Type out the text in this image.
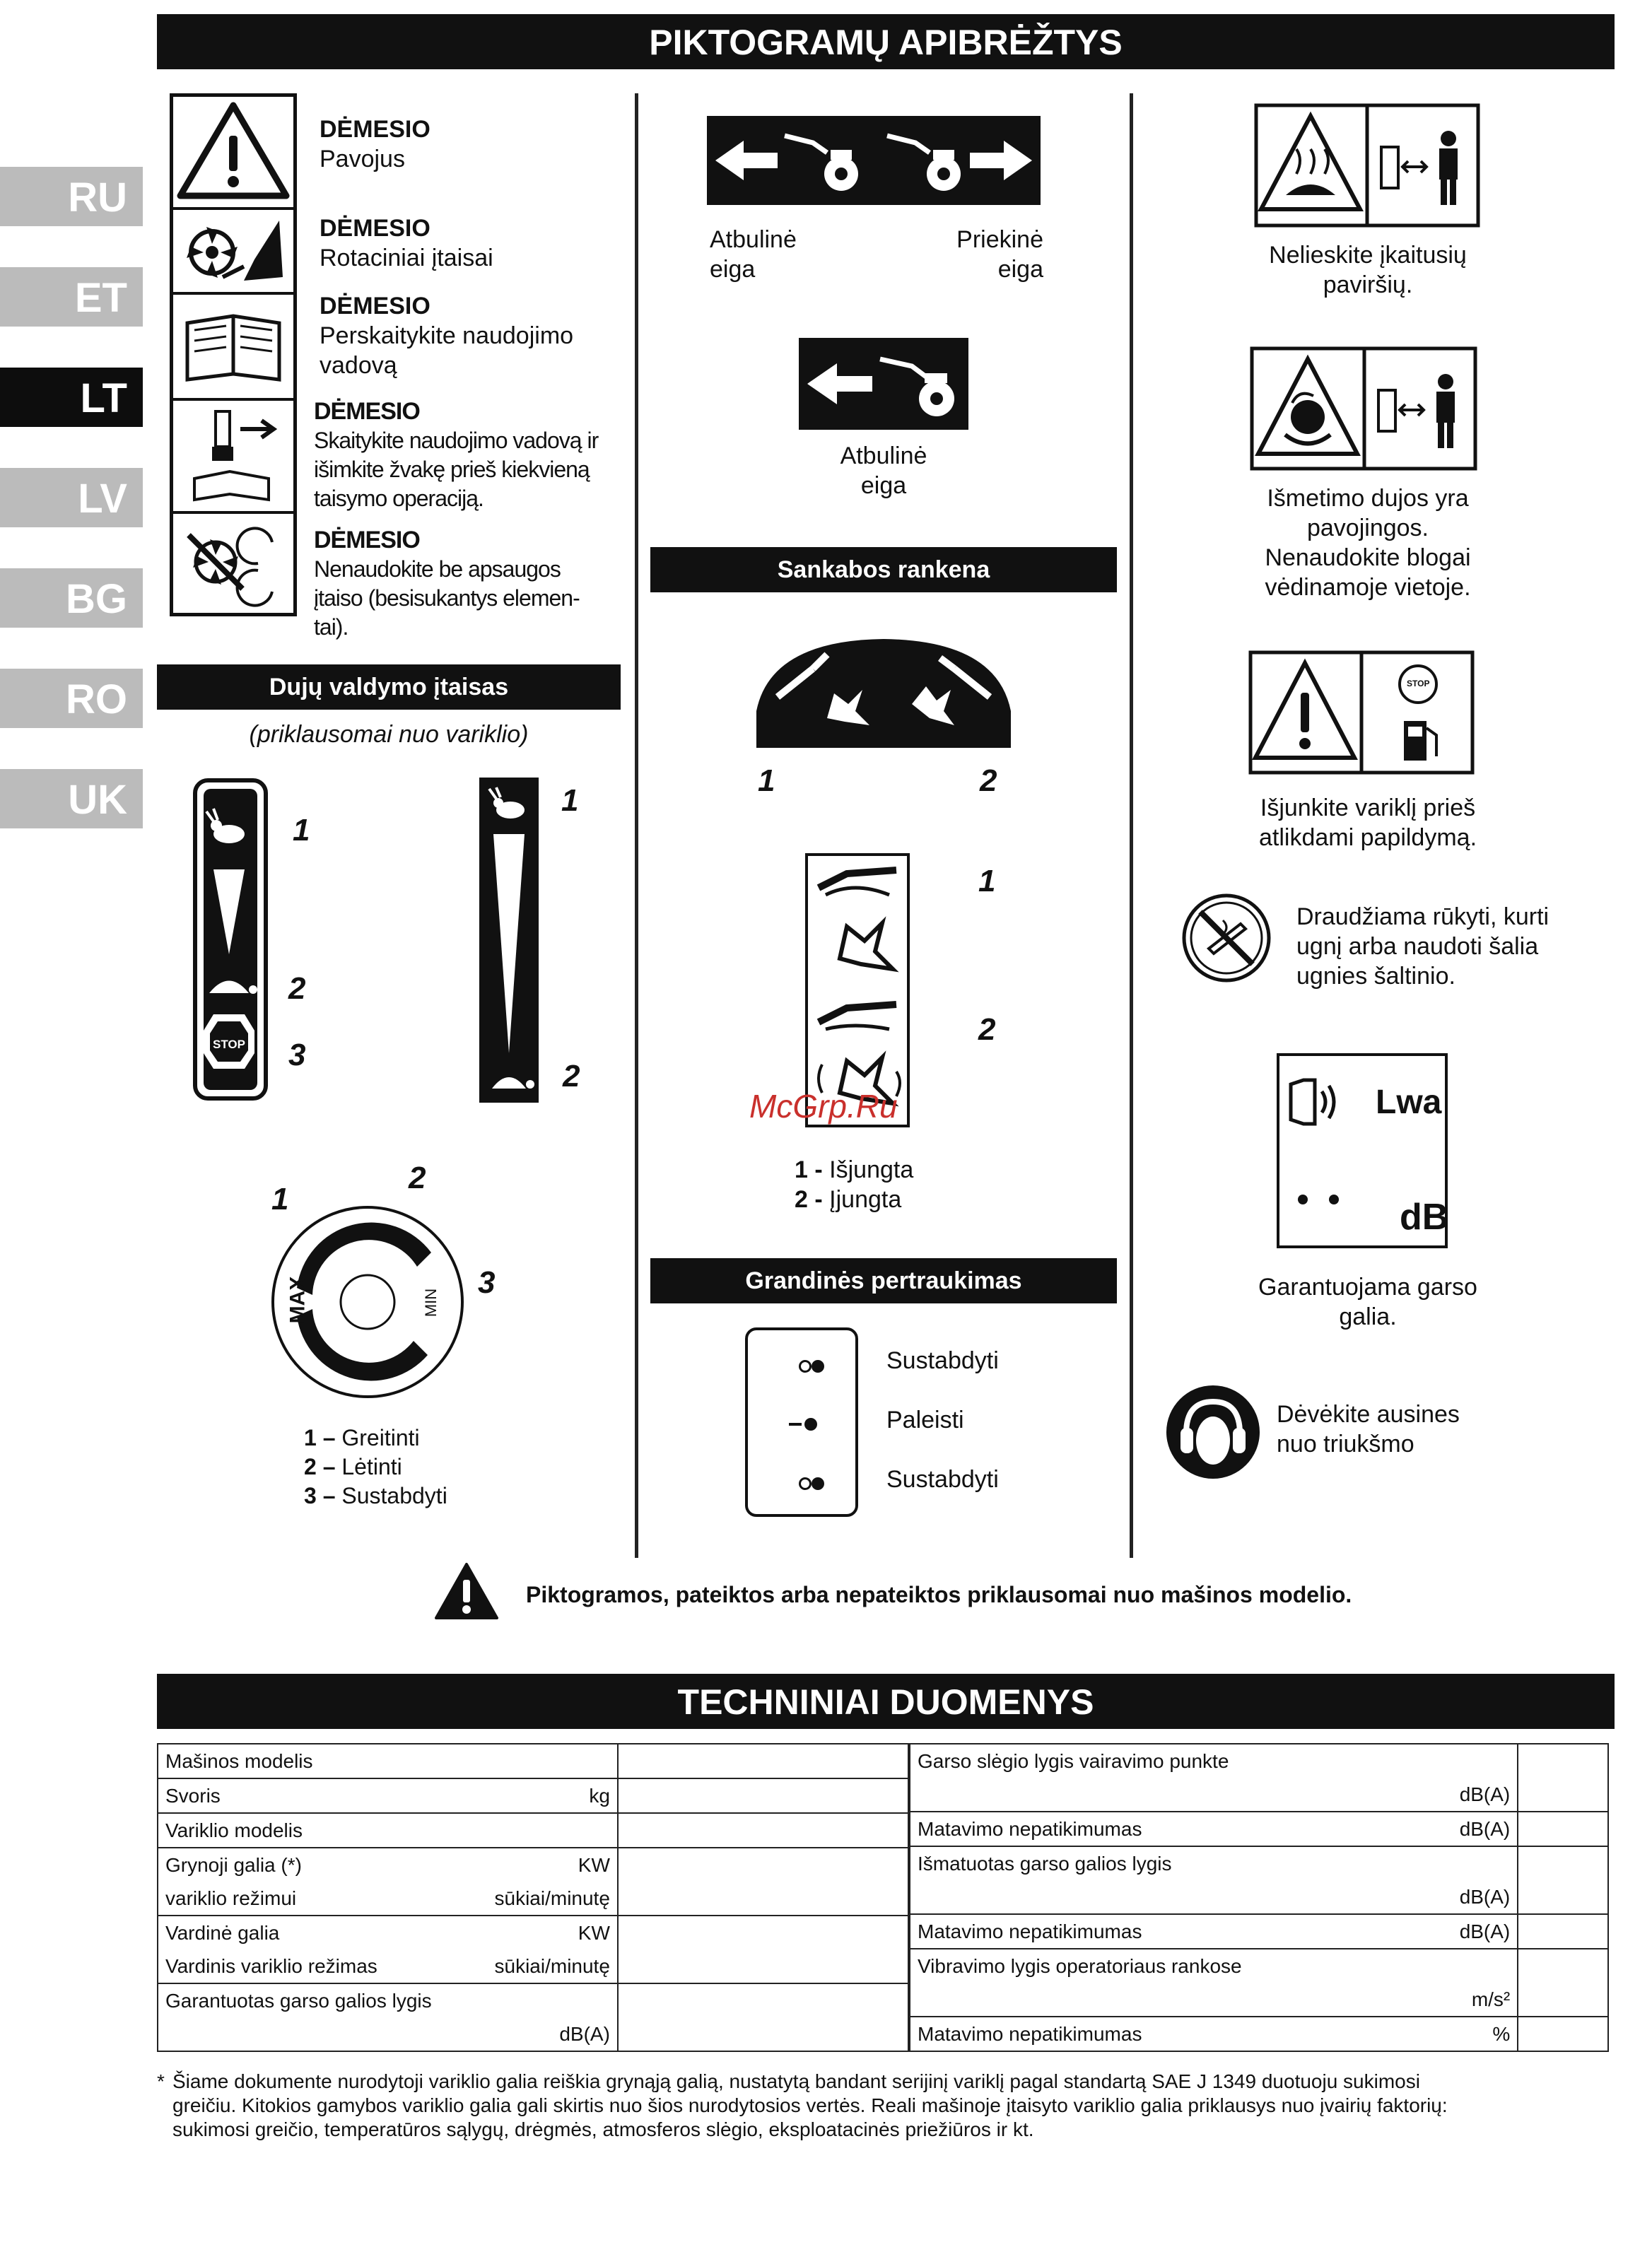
RU
ET
LT
LV
BG
RO
UK
PIKTOGRAMŲ APIBRĖŽTYS
DĖMESIO
Pavojus
DĖMESIO
Rotaciniai įtaisai
DĖMESIO
Perskaitykite naudojimo
vadovą
DĖMESIO
Skaitykite naudojimo vadovą ir
išimkite žvakę prieš kiekvieną
taisymo operaciją.
DĖMESIO
Nenaudokite be apsaugos
įtaiso (besisukantys elemen-
tai).
Dujų valdymo įtaisas
(priklausomai nuo variklio)
STOP
1
2
3
1
2
MAX	MIN
1
2
3
1 – Greitinti
2 – Lėtinti
3 – Sustabdyti
Atbulinė
eiga
Priekinė
eiga
Atbulinė
eiga
Sankabos rankena
1	2
1
2
McGrp.Ru
1 - Išjungta
2 - Įjungta
Grandinės pertraukimas

Sustabdyti
Paleisti
Sustabdyti
Nelieskite įkaitusių
paviršių.
Išmetimo dujos yra
pavojingos.
Nenaudokite blogai
vėdinamoje vietoje.
STOP
Išjunkite variklį prieš
atlikdami papildymą.
Draudžiama rūkyti, kurti
ugnį arba naudoti šalia
ugnies šaltinio.
Lwa
dB
Garantuojama garso
galia.
Dėvėkite ausines
nuo triukšmo
Piktogramos, pateiktos arba nepateiktos priklausomai nuo mašinos modelio.
TECHNINIAI DUOMENYS
Mašinos modelis

Svoris kg	

Variklio modelis

Grynoji galia (*) KW	

variklio režimui sūkiai/minutę	

Vardinė galia KW	

Vardinis variklio režimas sūkiai/minutę	

Garantuotas garso galios lygis

dB(A)	
Garso slėgio lygis vairavimo punkte

dB(A)	

Matavimo nepatikimumas dB(A)	

Išmatuotas garso galios lygis

dB(A)	

Matavimo nepatikimumas dB(A)	

Vibravimo lygis operatoriaus rankose

m/s²	

Matavimo nepatikimumas %	

* Šiame dokumente nurodytoji variklio galia reiškia grynąją galią, nustatytą bandant serijinį variklį pagal standartą SAE J 1349 duotuoju sukimosi
greičiu. Kitokios gamybos variklio galia gali skirtis nuo šios nurodytosios vertės. Reali mašinoje įtaisyto variklio galia priklausys nuo įvairių faktorių:
sukimosi greičio, temperatūros sąlygų, drėgmės, atmosferos slėgio, eksploatacinės priežiūros ir kt.
